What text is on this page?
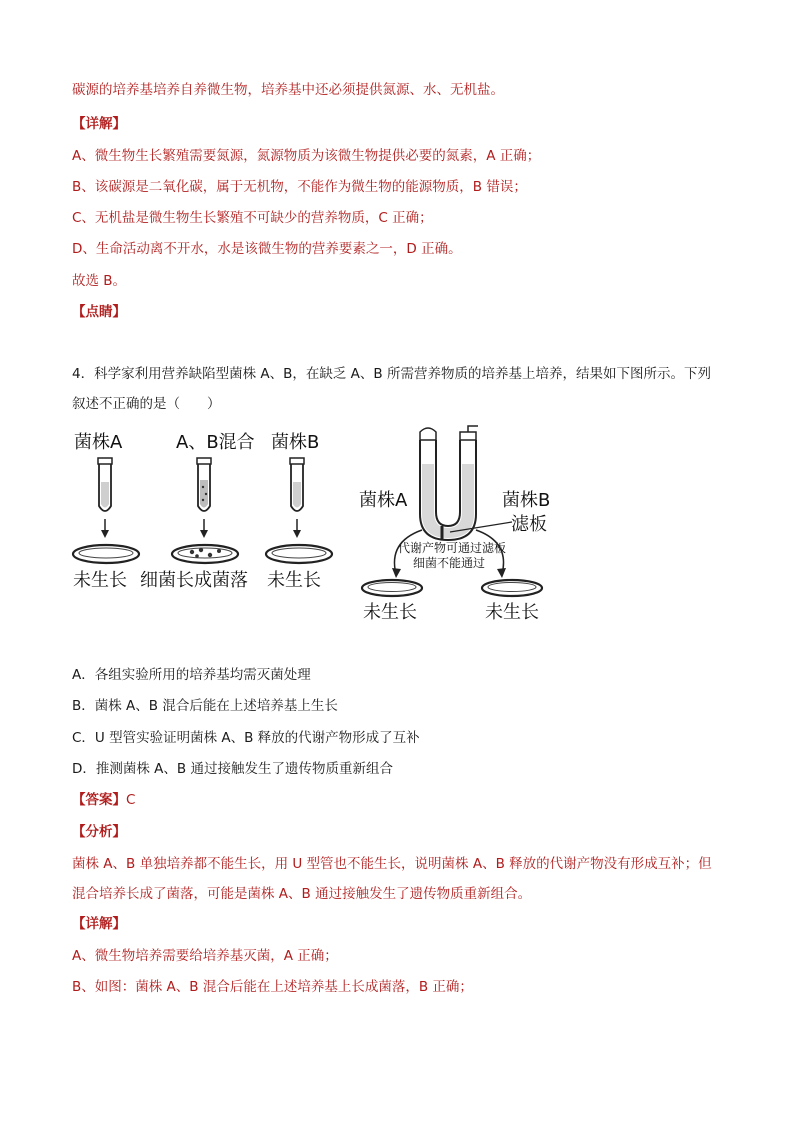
碳源的培养基培养自养微生物，培养基中还必须提供氮源、水、无机盐。
【详解】
A、微生物生长繁殖需要氮源，氮源物质为该微生物提供必要的氮素，A 正确；
B、该碳源是二氧化碳，属于无机物，不能作为微生物的能源物质，B 错误；
C、无机盐是微生物生长繁殖不可缺少的营养物质，C 正确；
D、生命活动离不开水，水是该微生物的营养要素之一，D 正确。
故选 B。
【点睛】
4．科学家利用营养缺陷型菌株 A、B，在缺乏 A、B 所需营养物质的培养基上培养，结果如下图所示。下列
叙述不正确的是（　　）
菌株A	A、B混合 菌株B
未生长 细菌长成菌落 未生长
菌株A	菌株B
滤板
代谢产物可通过滤板
细菌不能通过
未生长	未生长
A．各组实验所用的培养基均需灭菌处理
B．菌株 A、B 混合后能在上述培养基上生长
C．U 型管实验证明菌株 A、B 释放的代谢产物形成了互补
D．推测菌株 A、B 通过接触发生了遗传物质重新组合
【答案】C
【分析】
菌株 A、B 单独培养都不能生长，用 U 型管也不能生长，说明菌株 A、B 释放的代谢产物没有形成互补；但
混合培养长成了菌落，可能是菌株 A、B 通过接触发生了遗传物质重新组合。
【详解】
A、微生物培养需要给培养基灭菌，A 正确；
B、如图：菌株 A、B 混合后能在上述培养基上长成菌落，B 正确；
